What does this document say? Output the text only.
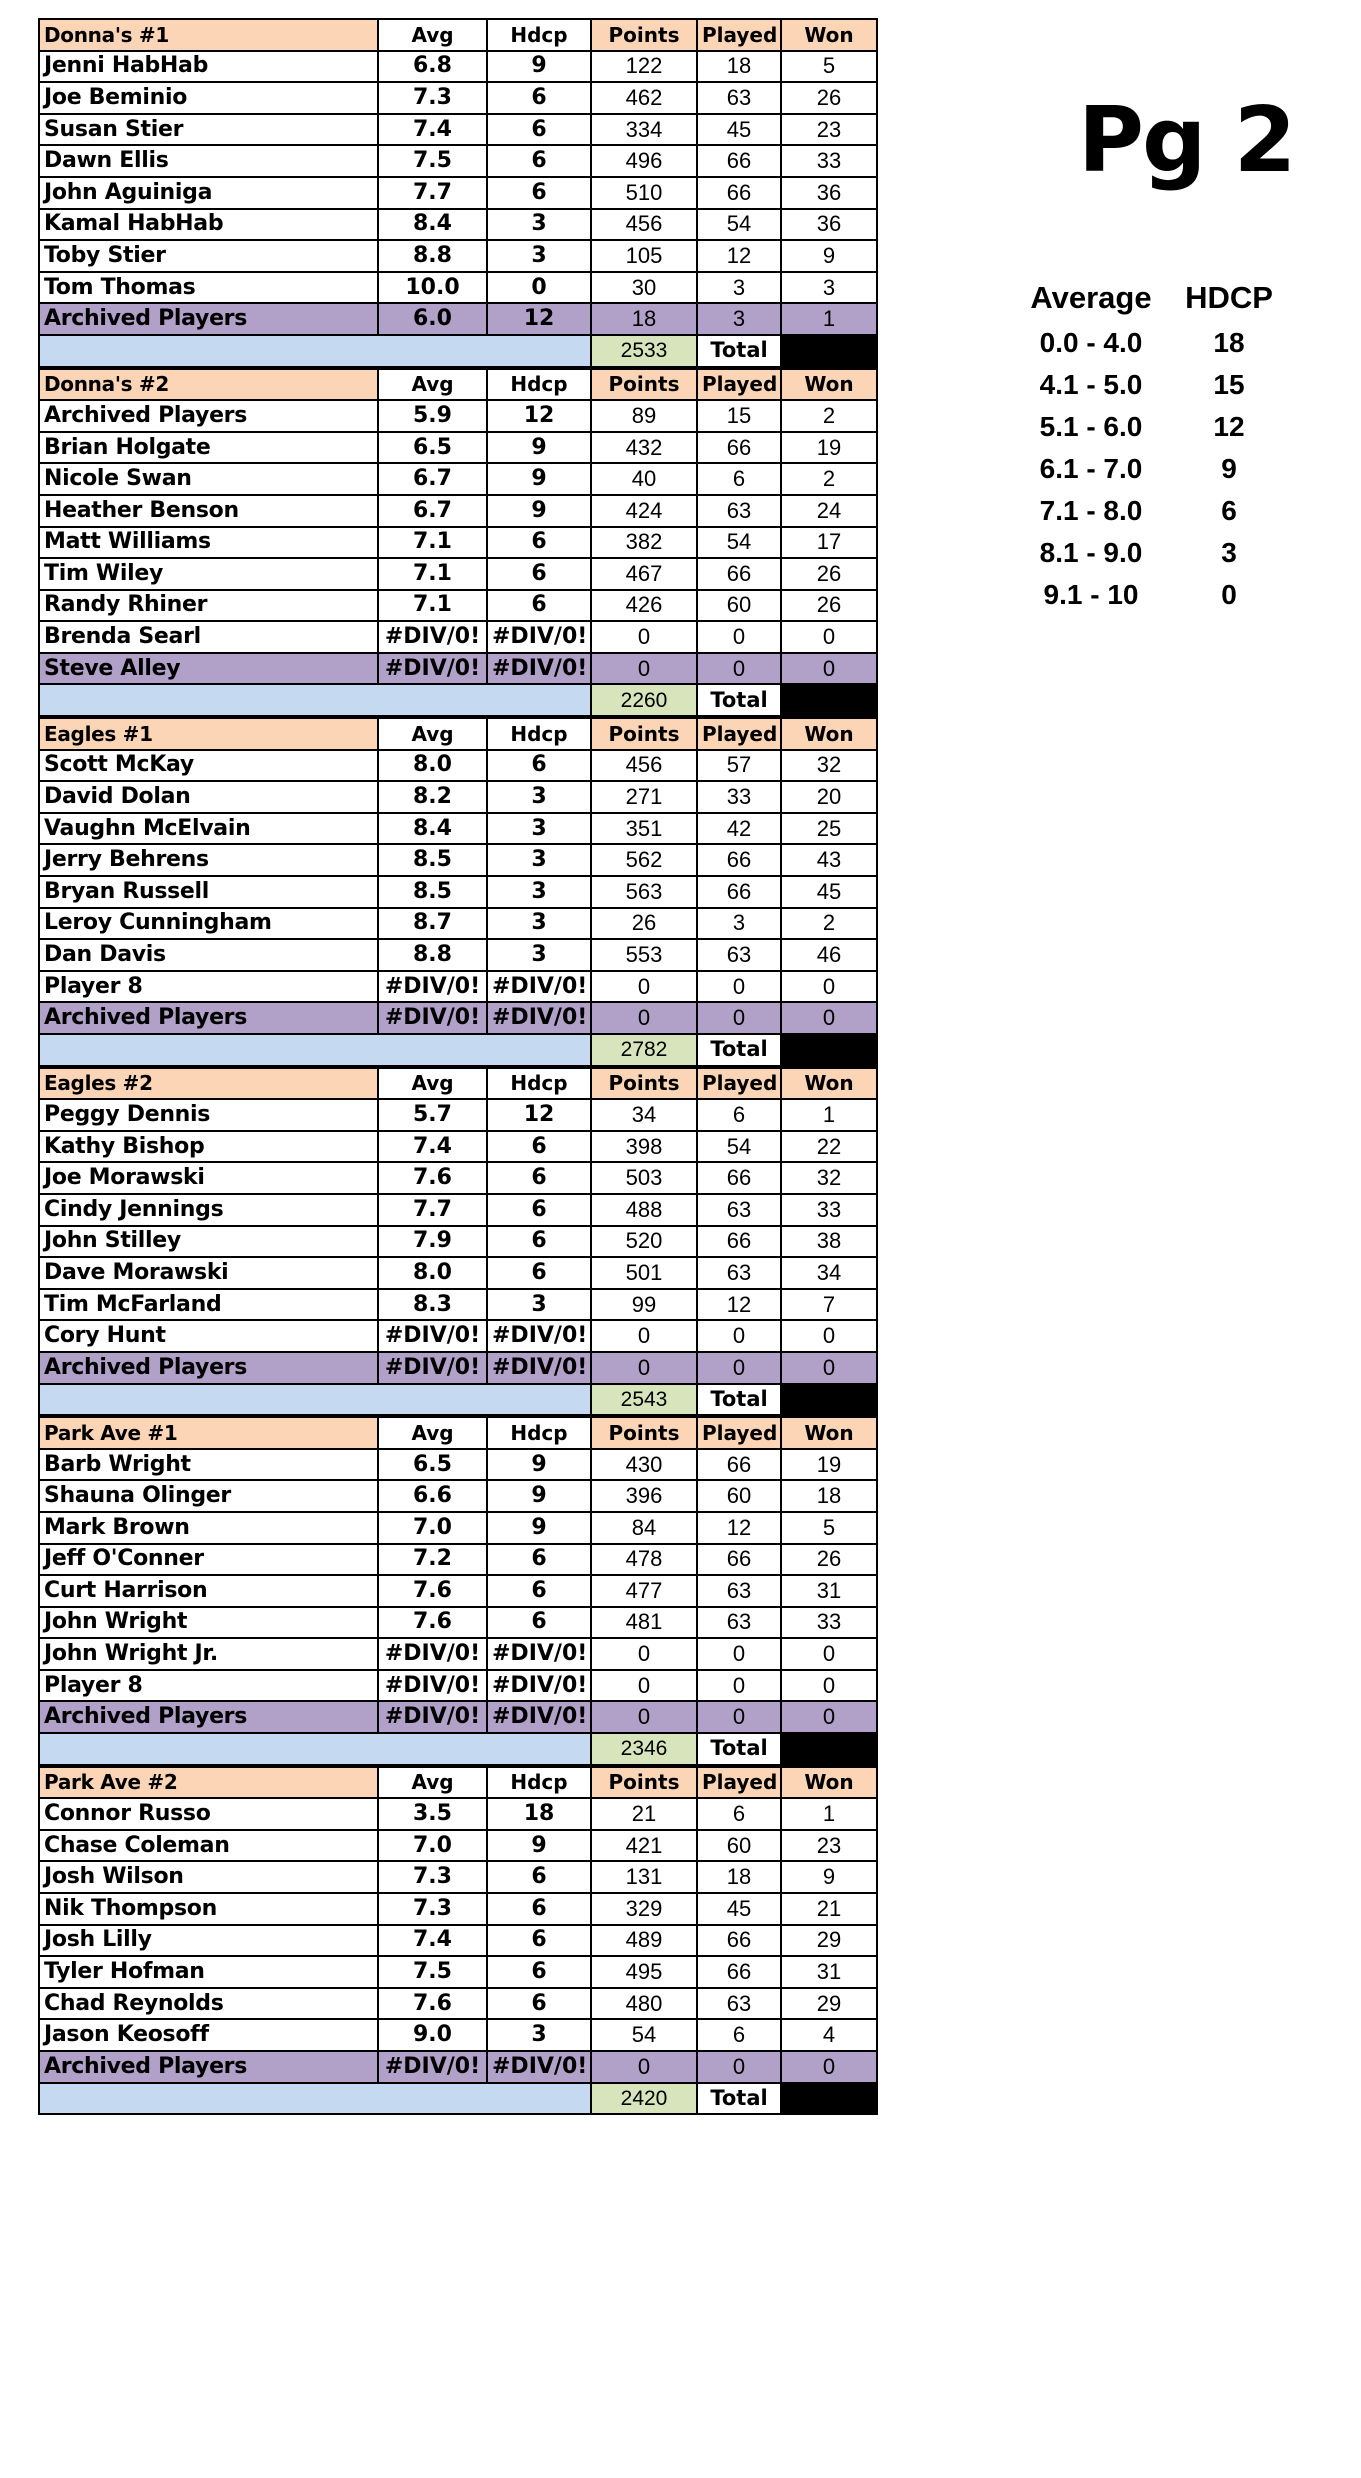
Donna's #1	Avg	Hdcp	Points	Played	Won
Jenni HabHab	6.8	9	122	18	5
Joe Beminio	7.3	6	462	63	26
Susan Stier	7.4	6	334	45	23
Dawn Ellis	7.5	6	496	66	33
John Aguiniga	7.7	6	510	66	36
Kamal HabHab	8.4	3	456	54	36
Toby Stier	8.8	3	105	12	9
Tom Thomas	10.0	0	30	3	3
Archived Players	6.0	12	18	3	1
			2533	Total	
Donna's #2	Avg	Hdcp	Points	Played	Won
Archived Players	5.9	12	89	15	2
Brian Holgate	6.5	9	432	66	19
Nicole Swan	6.7	9	40	6	2
Heather Benson	6.7	9	424	63	24
Matt Williams	7.1	6	382	54	17
Tim Wiley	7.1	6	467	66	26
Randy Rhiner	7.1	6	426	60	26
Brenda Searl	#DIV/0!	#DIV/0!	0	0	0
Steve Alley	#DIV/0!	#DIV/0!	0	0	0
			2260	Total	
Eagles #1	Avg	Hdcp	Points	Played	Won
Scott McKay	8.0	6	456	57	32
David Dolan	8.2	3	271	33	20
Vaughn McElvain	8.4	3	351	42	25
Jerry Behrens	8.5	3	562	66	43
Bryan Russell	8.5	3	563	66	45
Leroy Cunningham	8.7	3	26	3	2
Dan Davis	8.8	3	553	63	46
Player 8	#DIV/0!	#DIV/0!	0	0	0
Archived Players	#DIV/0!	#DIV/0!	0	0	0
			2782	Total	
Eagles #2	Avg	Hdcp	Points	Played	Won
Peggy Dennis	5.7	12	34	6	1
Kathy Bishop	7.4	6	398	54	22
Joe Morawski	7.6	6	503	66	32
Cindy Jennings	7.7	6	488	63	33
John Stilley	7.9	6	520	66	38
Dave Morawski	8.0	6	501	63	34
Tim McFarland	8.3	3	99	12	7
Cory Hunt	#DIV/0!	#DIV/0!	0	0	0
Archived Players	#DIV/0!	#DIV/0!	0	0	0
			2543	Total	
Park Ave #1	Avg	Hdcp	Points	Played	Won
Barb Wright	6.5	9	430	66	19
Shauna Olinger	6.6	9	396	60	18
Mark Brown	7.0	9	84	12	5
Jeff O'Conner	7.2	6	478	66	26
Curt Harrison	7.6	6	477	63	31
John Wright	7.6	6	481	63	33
John Wright Jr.	#DIV/0!	#DIV/0!	0	0	0
Player 8	#DIV/0!	#DIV/0!	0	0	0
Archived Players	#DIV/0!	#DIV/0!	0	0	0
			2346	Total	
Park Ave #2	Avg	Hdcp	Points	Played	Won
Connor Russo	3.5	18	21	6	1
Chase Coleman	7.0	9	421	60	23
Josh Wilson	7.3	6	131	18	9
Nik Thompson	7.3	6	329	45	21
Josh Lilly	7.4	6	489	66	29
Tyler Hofman	7.5	6	495	66	31
Chad Reynolds	7.6	6	480	63	29
Jason Keosoff	9.0	3	54	6	4
Archived Players	#DIV/0!	#DIV/0!	0	0	0
			2420	Total	
Pg 2
Average	HDCP
0.0 - 4.0	18
4.1 - 5.0	15
5.1 - 6.0	12
6.1 - 7.0	9
7.1 - 8.0	6
8.1 - 9.0	3
9.1 - 10	0
